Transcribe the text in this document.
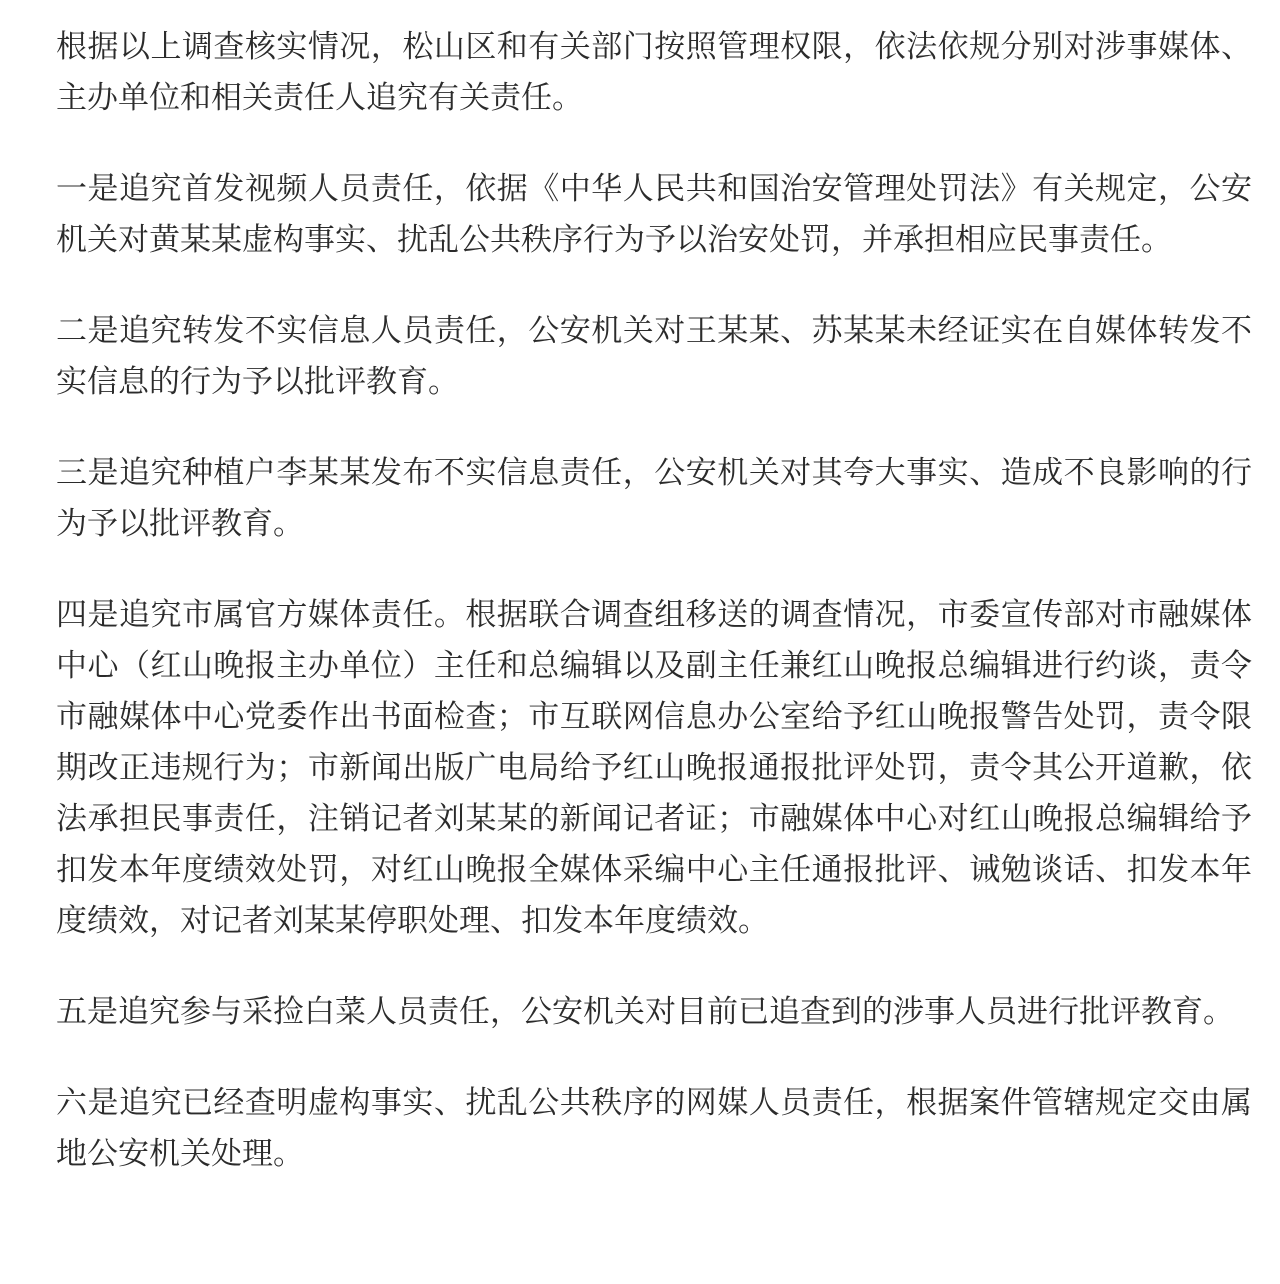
根据以上调查核实情况，松山区和有关部门按照管理权限，依法依规分别对涉事媒体、主办单位和相关责任人追究有关责任。

一是追究首发视频人员责任，依据《中华人民共和国治安管理处罚法》有关规定，公安机关对黄某某虚构事实、扰乱公共秩序行为予以治安处罚，并承担相应民事责任。

二是追究转发不实信息人员责任，公安机关对王某某、苏某某未经证实在自媒体转发不实信息的行为予以批评教育。

三是追究种植户李某某发布不实信息责任，公安机关对其夸大事实、造成不良影响的行为予以批评教育。

四是追究市属官方媒体责任。根据联合调查组移送的调查情况，市委宣传部对市融媒体中心（红山晚报主办单位）主任和总编辑以及副主任兼红山晚报总编辑进行约谈，责令市融媒体中心党委作出书面检查；市互联网信息办公室给予红山晚报警告处罚，责令限期改正违规行为；市新闻出版广电局给予红山晚报通报批评处罚，责令其公开道歉，依法承担民事责任，注销记者刘某某的新闻记者证；市融媒体中心对红山晚报总编辑给予扣发本年度绩效处罚，对红山晚报全媒体采编中心主任通报批评、诫勉谈话、扣发本年度绩效，对记者刘某某停职处理、扣发本年度绩效。

五是追究参与采捡白菜人员责任，公安机关对目前已追查到的涉事人员进行批评教育。

六是追究已经查明虚构事实、扰乱公共秩序的网媒人员责任，根据案件管辖规定交由属地公安机关处理。
